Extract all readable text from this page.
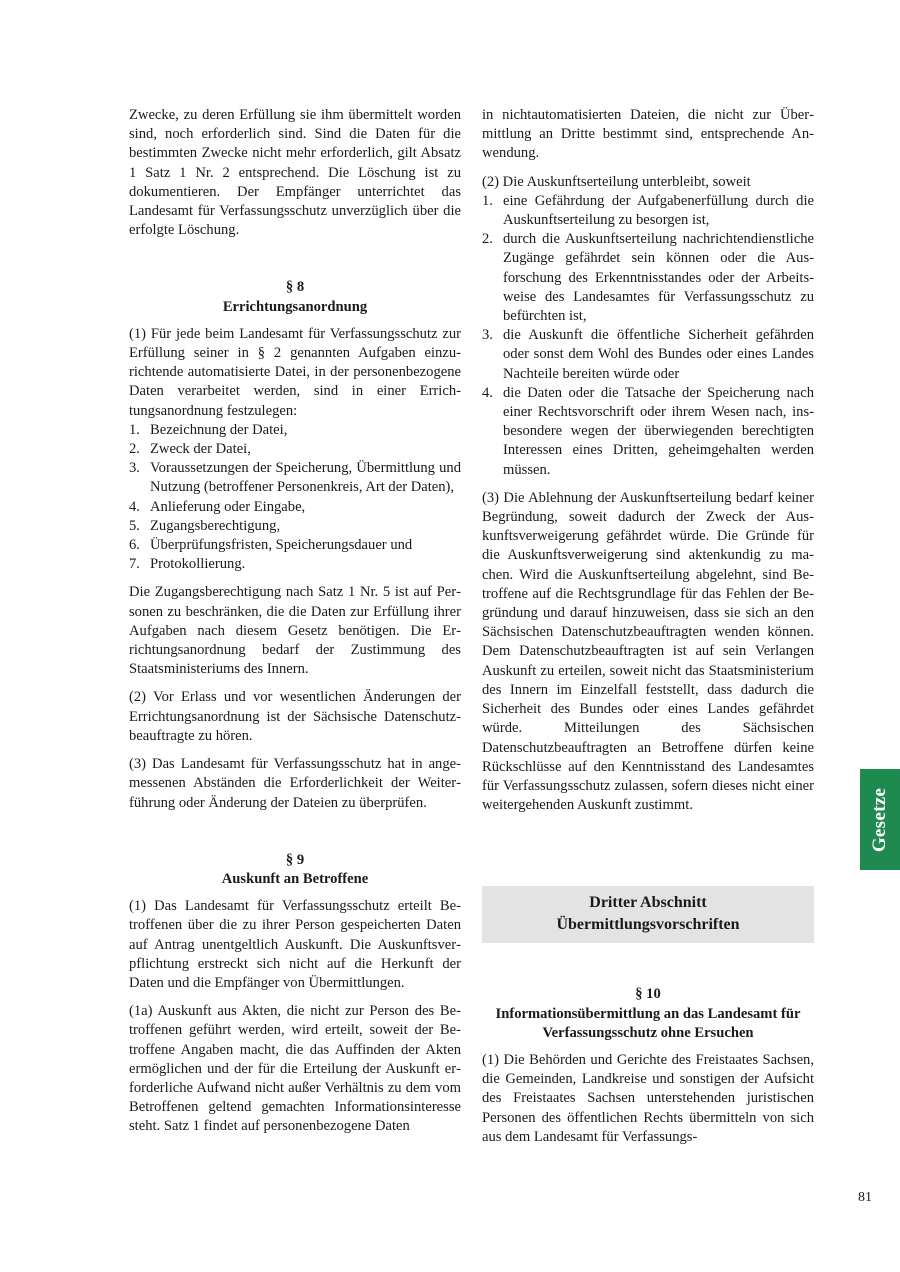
Zwecke, zu deren Erfüllung sie ihm übermittelt worden sind, noch erforderlich sind. Sind die Daten für die bestimmten Zwecke nicht mehr erforderlich, gilt Absatz 1 Satz 1 Nr. 2 entsprechend. Die Löschung ist zu dokumentieren. Der Empfänger unterrichtet das Landesamt für Verfassungsschutz unverzüglich über die erfolgte Löschung.

§ 8

Errichtungsanordnung

(1) Für jede beim Landesamt für Verfassungsschutz zur Erfüllung seiner in § 2 genannten Aufgaben einzurichtende automatisierte Datei, in der personenbezogene Daten verarbeitet werden, sind in einer Errichtungsanordnung festzulegen:

1. Bezeichnung der Datei,
2. Zweck der Datei,
3. Voraussetzungen der Speicherung, Übermittlung und Nutzung (betroffener Personenkreis, Art der Daten),
4. Anlieferung oder Eingabe,
5. Zugangsberechtigung,
6. Überprüfungsfristen, Speicherungsdauer und
7. Protokollierung.

Die Zugangsberechtigung nach Satz 1 Nr. 5 ist auf Personen zu beschränken, die die Daten zur Erfüllung ihrer Aufgaben nach diesem Gesetz benötigen. Die Errichtungsanordnung bedarf der Zustimmung des Staatsministeriums des Innern.

(2) Vor Erlass und vor wesentlichen Änderungen der Errichtungsanordnung ist der Sächsische Datenschutzbeauftragte zu hören.

(3) Das Landesamt für Verfassungsschutz hat in angemessenen Abständen die Erforderlichkeit der Weiterführung oder Änderung der Dateien zu überprüfen.

§ 9

Auskunft an Betroffene

(1) Das Landesamt für Verfassungsschutz erteilt Betroffenen über die zu ihrer Person gespeicherten Daten auf Antrag unentgeltlich Auskunft. Die Auskunftsverpflichtung erstreckt sich nicht auf die Herkunft der Daten und die Empfänger von Übermittlungen.

(1a) Auskunft aus Akten, die nicht zur Person des Betroffenen geführt werden, wird erteilt, soweit der Betroffene Angaben macht, die das Auffinden der Akten ermöglichen und der für die Erteilung der Auskunft erforderliche Aufwand nicht außer Verhältnis zu dem vom Betroffenen geltend gemachten Informationsinteresse steht. Satz 1 findet auf personenbezogene Daten

in nichtautomatisierten Dateien, die nicht zur Übermittlung an Dritte bestimmt sind, entsprechende Anwendung.

(2) Die Auskunftserteilung unterbleibt, soweit

1. eine Gefährdung der Aufgabenerfüllung durch die Auskunftserteilung zu besorgen ist,
2. durch die Auskunftserteilung nachrichtendienstliche Zugänge gefährdet sein können oder die Ausforschung des Erkenntnisstandes oder der Arbeitsweise des Landesamtes für Verfassungsschutz zu befürchten ist,
3. die Auskunft die öffentliche Sicherheit gefährden oder sonst dem Wohl des Bundes oder eines Landes Nachteile bereiten würde oder
4. die Daten oder die Tatsache der Speicherung nach einer Rechtsvorschrift oder ihrem Wesen nach, insbesondere wegen der überwiegenden berechtigten Interessen eines Dritten, geheimgehalten werden müssen.

(3) Die Ablehnung der Auskunftserteilung bedarf keiner Begründung, soweit dadurch der Zweck der Auskunftsverweigerung gefährdet würde. Die Gründe für die Auskunftsverweigerung sind aktenkundig zu machen. Wird die Auskunftserteilung abgelehnt, sind Betroffene auf die Rechtsgrundlage für das Fehlen der Begründung und darauf hinzuweisen, dass sie sich an den Sächsischen Datenschutzbeauftragten wenden können. Dem Datenschutzbeauftragten ist auf sein Verlangen Auskunft zu erteilen, soweit nicht das Staatsministerium des Innern im Einzelfall feststellt, dass dadurch die Sicherheit des Bundes oder eines Landes gefährdet würde. Mitteilungen des Sächsischen Datenschutzbeauftragten an Betroffene dürfen keine Rückschlüsse auf den Kenntnisstand des Landesamtes für Verfassungsschutz zulassen, sofern dieses nicht einer weitergehenden Auskunft zustimmt.

Dritter Abschnitt
Übermittlungsvorschriften

§ 10

Informationsübermittlung an das Landesamt für

Verfassungsschutz ohne Ersuchen

(1) Die Behörden und Gerichte des Freistaates Sachsen, die Gemeinden, Landkreise und sonstigen der Aufsicht des Freistaates Sachsen unterstehenden juristischen Personen des öffentlichen Rechts übermitteln von sich aus dem Landesamt für Verfassungs-

Gesetze
81
